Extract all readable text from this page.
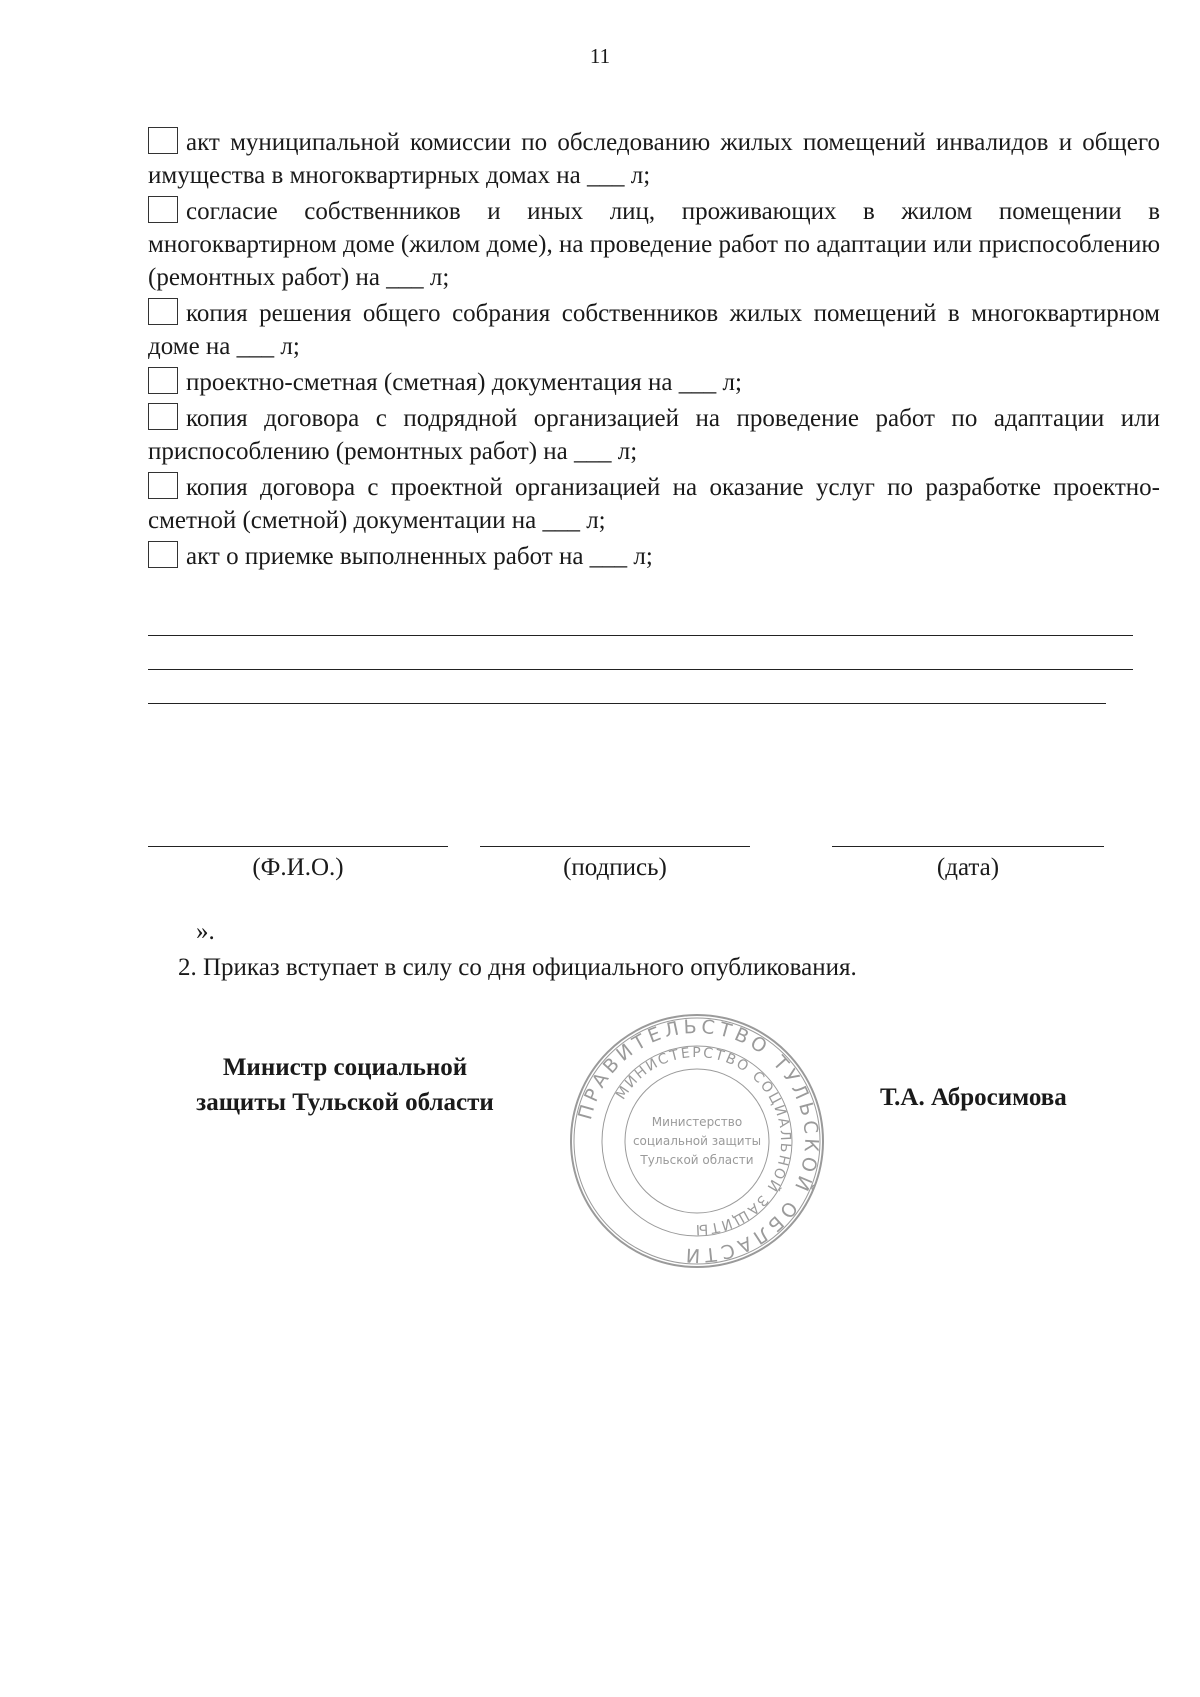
11
акт муниципальной комиссии по обследованию жилых помещений инвалидов и общего имущества в многоквартирных домах на ___ л;
согласие собственников и иных лиц, проживающих в жилом помещении в многоквартирном доме (жилом доме), на проведение работ по адаптации или приспособлению (ремонтных работ) на ___ л;
копия решения общего собрания собственников жилых помещений в многоквартирном доме на ___ л;
проектно-сметная (сметная) документация на ___ л;
копия договора с подрядной организацией на проведение работ по адаптации или приспособлению (ремонтных работ) на ___ л;
копия договора с проектной организацией на оказание услуг по разработке проектно-сметной (сметной) документации на ___ л;
акт о приемке выполненных работ на ___ л;
(Ф.И.О.)	(подпись)	(дата)
».
2. Приказ вступает в силу со дня официального опубликования.
Министр социальной
защиты Тульской области	Т.А. Абросимова
ПРАВИТЕЛЬСТВО ТУЛЬСКОЙ ОБЛАСТИ
МИНИСТЕРСТВО СОЦИАЛЬНОЙ ЗАЩИТЫ
Министерство
социальной защиты
Тульской области
